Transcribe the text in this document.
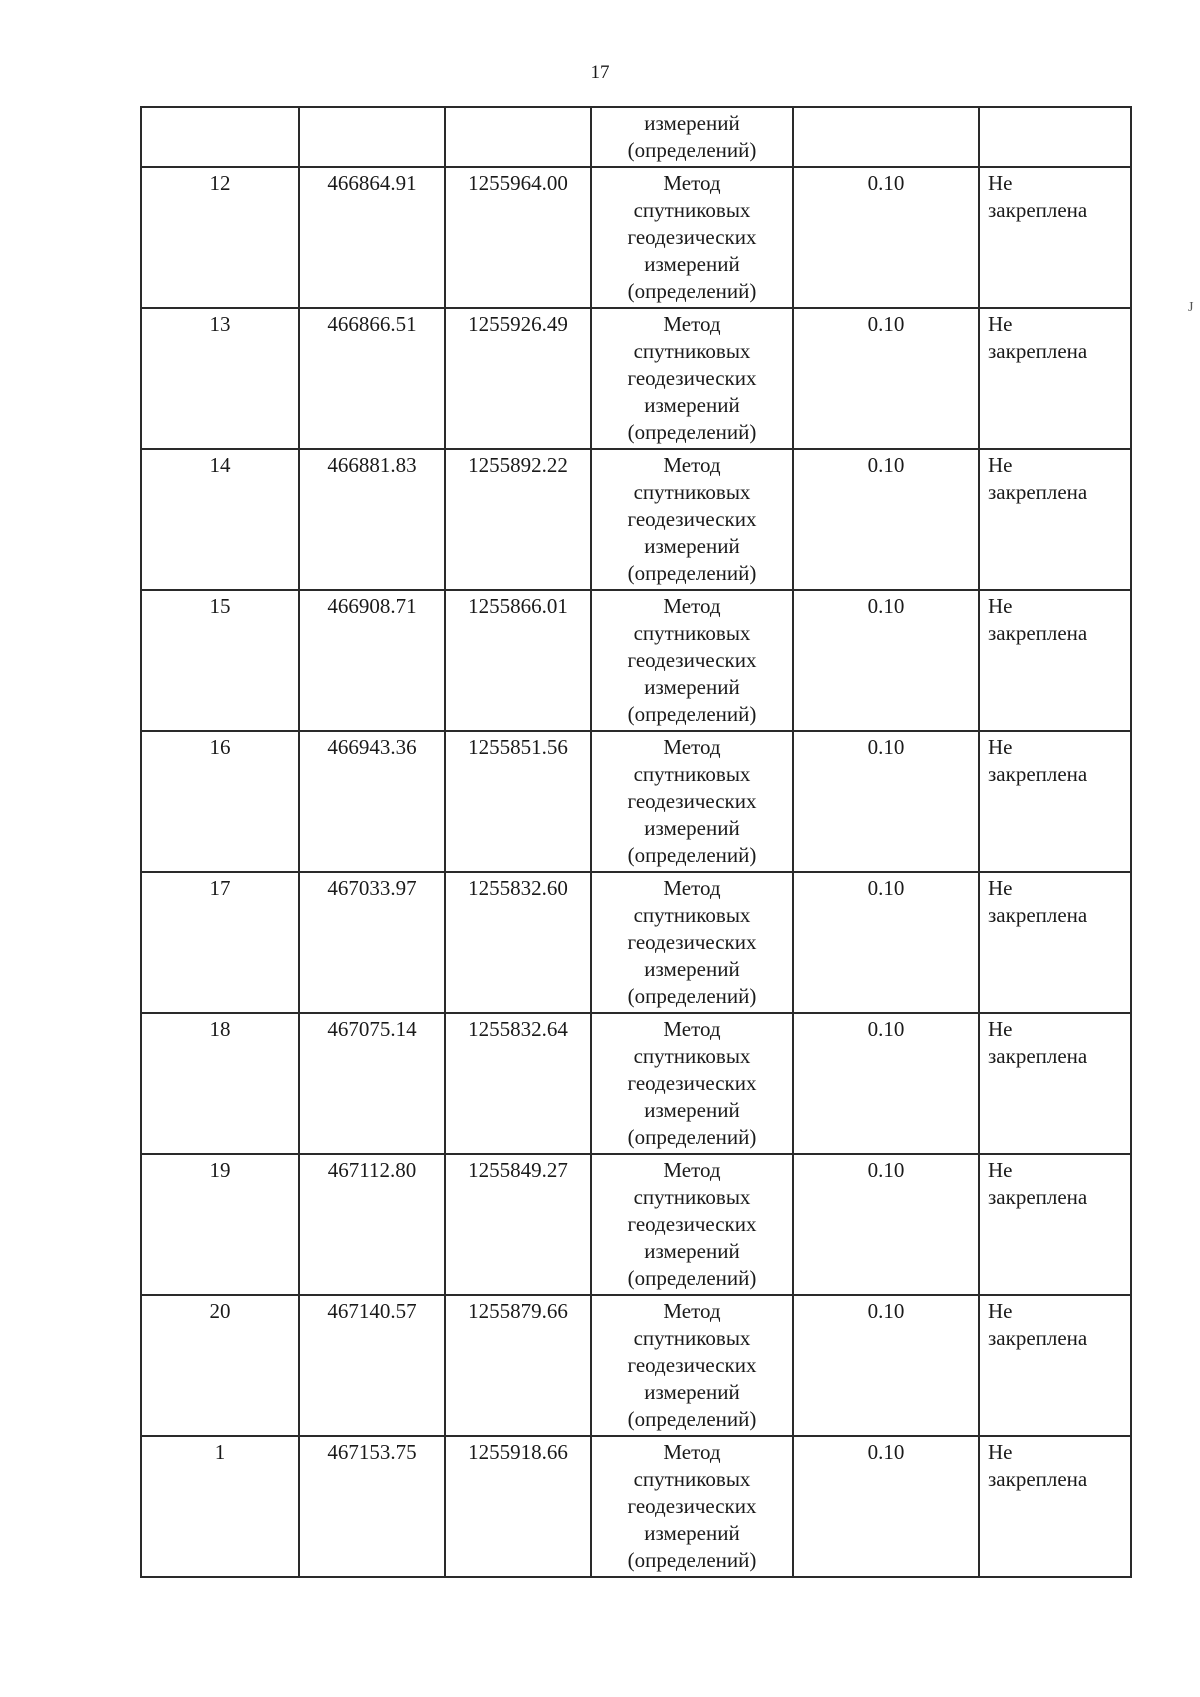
17
J

			измерений
(определений)		

12	466864.91	1255964.00	Метод
спутниковых
геодезических
измерений
(определений)	0.10	Не
закреплена

13	466866.51	1255926.49	Метод
спутниковых
геодезических
измерений
(определений)	0.10	Не
закреплена

14	466881.83	1255892.22	Метод
спутниковых
геодезических
измерений
(определений)	0.10	Не
закреплена

15	466908.71	1255866.01	Метод
спутниковых
геодезических
измерений
(определений)	0.10	Не
закреплена

16	466943.36	1255851.56	Метод
спутниковых
геодезических
измерений
(определений)	0.10	Не
закреплена

17	467033.97	1255832.60	Метод
спутниковых
геодезических
измерений
(определений)	0.10	Не
закреплена

18	467075.14	1255832.64	Метод
спутниковых
геодезических
измерений
(определений)	0.10	Не
закреплена

19	467112.80	1255849.27	Метод
спутниковых
геодезических
измерений
(определений)	0.10	Не
закреплена

20	467140.57	1255879.66	Метод
спутниковых
геодезических
измерений
(определений)	0.10	Не
закреплена

1	467153.75	1255918.66	Метод
спутниковых
геодезических
измерений
(определений)	0.10	Не
закреплена
